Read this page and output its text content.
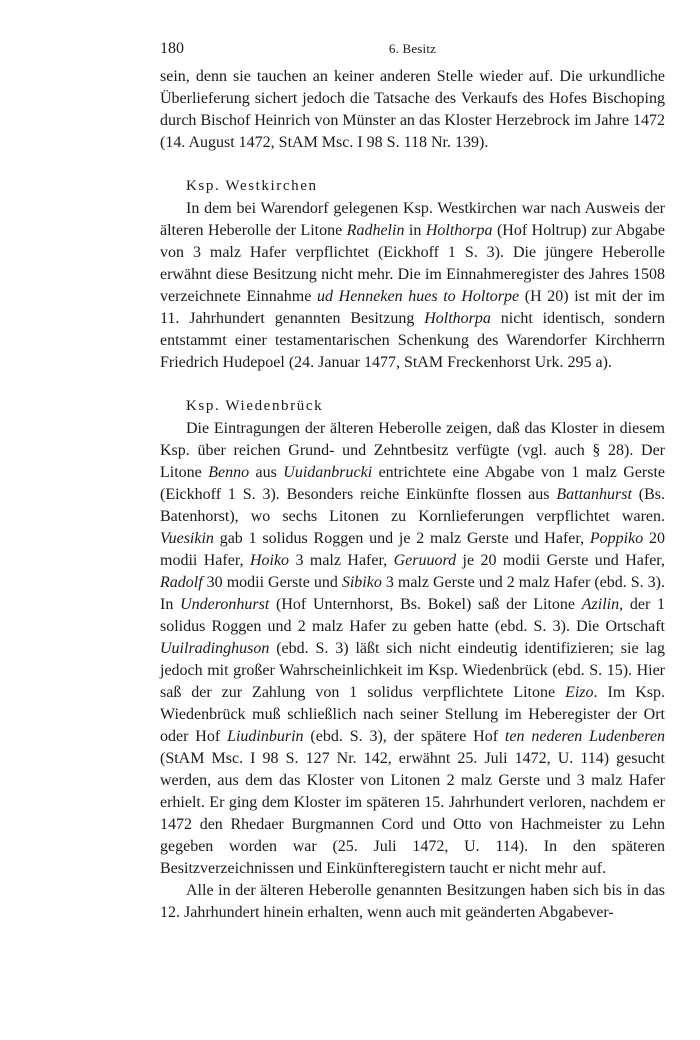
180	6. Besitz

sein, denn sie tauchen an keiner anderen Stelle wieder auf. Die urkundliche Überlieferung sichert jedoch die Tatsache des Verkaufs des Hofes Bischoping durch Bischof Heinrich von Münster an das Kloster Herzebrock im Jahre 1472 (14. August 1472, StAM Msc. I 98 S. 118 Nr. 139).

Ksp. Westkirchen

In dem bei Warendorf gelegenen Ksp. Westkirchen war nach Ausweis der älteren Heberolle der Litone Radhelin in Holthorpa (Hof Holtrup) zur Abgabe von 3 malz Hafer verpflichtet (Eickhoff 1 S. 3). Die jüngere Heberolle erwähnt diese Besitzung nicht mehr. Die im Einnahmeregister des Jahres 1508 verzeichnete Einnahme ud Henneken hues to Holtorpe (H 20) ist mit der im 11. Jahrhundert genannten Besitzung Holthorpa nicht identisch, sondern entstammt einer testamentarischen Schenkung des Warendorfer Kirchherrn Friedrich Hudepoel (24. Januar 1477, StAM Freckenhorst Urk. 295 a).

Ksp. Wiedenbrück

Die Eintragungen der älteren Heberolle zeigen, daß das Kloster in diesem Ksp. über reichen Grund- und Zehntbesitz verfügte (vgl. auch § 28). Der Litone Benno aus Uuidanbrucki entrichtete eine Abgabe von 1 malz Gerste (Eickhoff 1 S. 3). Besonders reiche Einkünfte flossen aus Battanhurst (Bs. Batenhorst), wo sechs Litonen zu Kornlieferungen verpflichtet waren. Vuesikin gab 1 solidus Roggen und je 2 malz Gerste und Hafer, Poppiko 20 modii Hafer, Hoiko 3 malz Hafer, Geruuord je 20 modii Gerste und Hafer, Radolf 30 modii Gerste und Sibiko 3 malz Gerste und 2 malz Hafer (ebd. S. 3). In Underonhurst (Hof Unternhorst, Bs. Bokel) saß der Litone Azilin, der 1 solidus Roggen und 2 malz Hafer zu geben hatte (ebd. S. 3). Die Ortschaft Uuilradinghuson (ebd. S. 3) läßt sich nicht eindeutig identifizieren; sie lag jedoch mit großer Wahrscheinlichkeit im Ksp. Wiedenbrück (ebd. S. 15). Hier saß der zur Zahlung von 1 solidus verpflichtete Litone Eizo. Im Ksp. Wiedenbrück muß schließlich nach seiner Stellung im Heberegister der Ort oder Hof Liudinburin (ebd. S. 3), der spätere Hof ten nederen Ludenberen (StAM Msc. I 98 S. 127 Nr. 142, erwähnt 25. Juli 1472, U. 114) gesucht werden, aus dem das Kloster von Litonen 2 malz Gerste und 3 malz Hafer erhielt. Er ging dem Kloster im späteren 15. Jahrhundert verloren, nachdem er 1472 den Rhedaer Burgmannen Cord und Otto von Hachmeister zu Lehn gegeben worden war (25. Juli 1472, U. 114). In den späteren Besitzverzeichnissen und Einkünfteregistern taucht er nicht mehr auf.

Alle in der älteren Heberolle genannten Besitzungen haben sich bis in das 12. Jahrhundert hinein erhalten, wenn auch mit geänderten Abgabever-
